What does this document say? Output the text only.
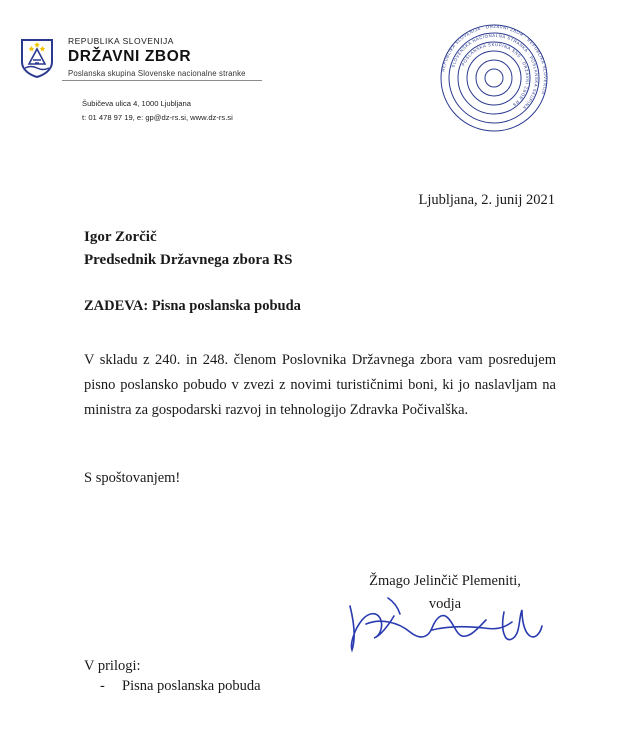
REPUBLIKA SLOVENIJA

DRŽAVNI ZBOR

Poslanska skupina Slovenske nacionalne stranke

Šubičeva ulica 4, 1000 Ljubljana
t: 01 478 97 19, e: gp@dz-rs.si, www.dz-rs.si
REPUBLIKA SLOVENIJA · DRŽAVNI ZBOR · REPUBLIKA SLOVENIJA
SLOVENSKA NACIONALNA STRANKA · POSLANSKA SKUPINA
POSLANSKA SKUPINA SNS · DRŽAVNI ZBOR RS
Ljubljana, 2. junij 2021
Igor Zorčič
Predsednik Državnega zbora RS
ZADEVA: Pisna poslanska pobuda
V skladu z 240. in 248. členom Poslovnika Državnega zbora vam posredujem pisno poslansko pobudo v zvezi z novimi turističnimi boni, ki jo naslavljam na ministra za gospodarski razvoj in tehnologijo Zdravka Počivalška.
S spoštovanjem!
Žmago Jelinčič Plemeniti,
vodja
V prilogi:
- Pisna poslanska pobuda
